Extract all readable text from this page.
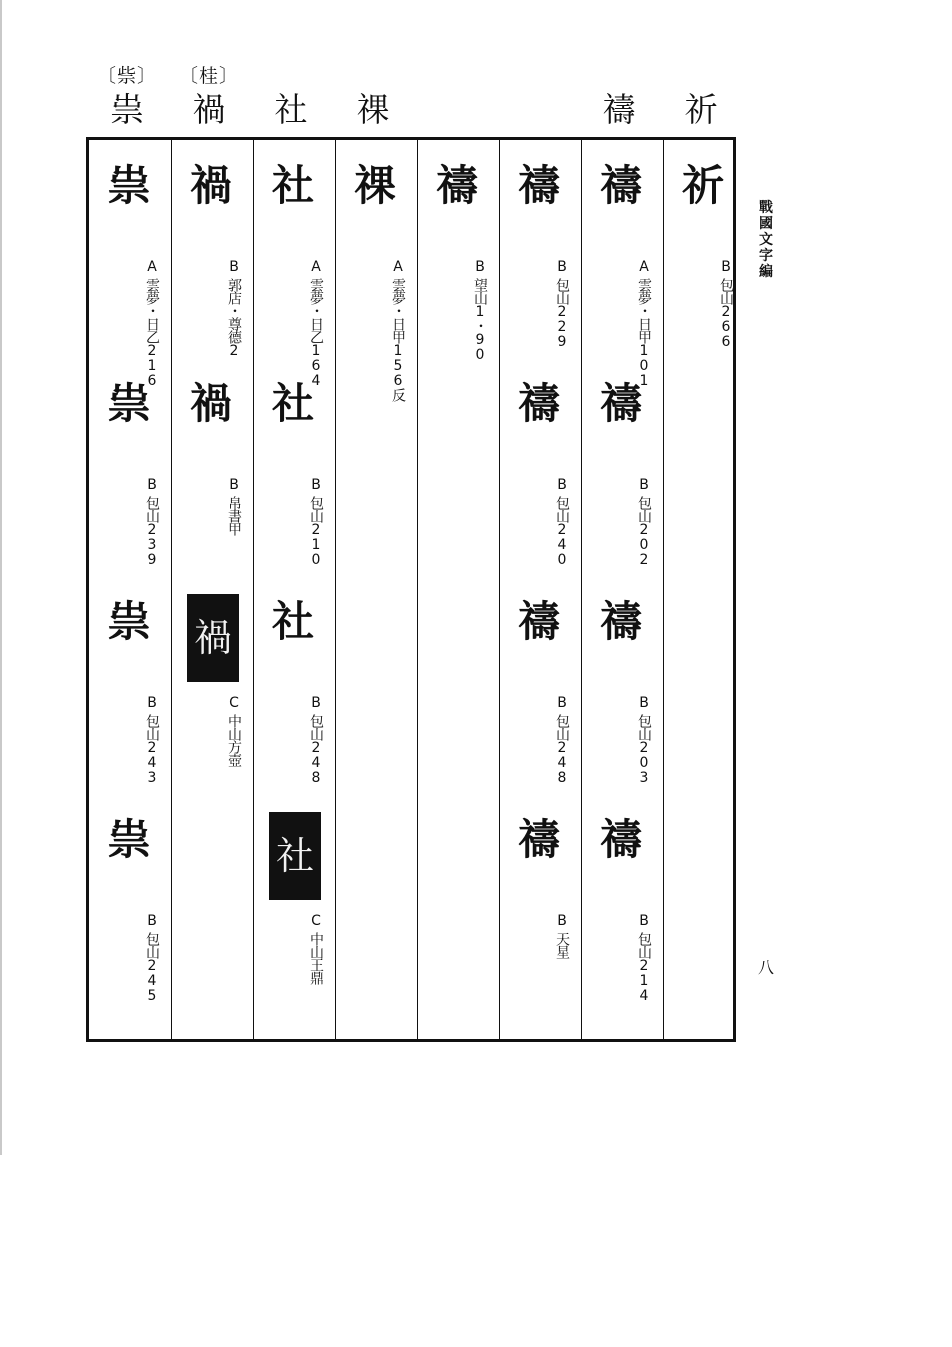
〔祡〕
祟
〔桂〕
禍	社	祼	禱	祈
祟
A
雲夢・日乙216
祟
B
包山239
祟
B
包山243
祟
B
包山245
禍
B
郭店・尊德2
禍
B
帛書甲
禍
C
中山方壺
社
A
雲夢・日乙164
社
B
包山210
社
B
包山248
社
C
中山王鼎
祼
A
雲夢・日甲156反
禱
B
望山1・90
禱
B
包山229
禱
B
包山240
禱
B
包山248
禱
B
天星
禱
A
雲夢・日甲101
禱
B
包山202
禱
B
包山203
禱
B
包山214
祈
B
包山266
戰
國
文
字
編
八
